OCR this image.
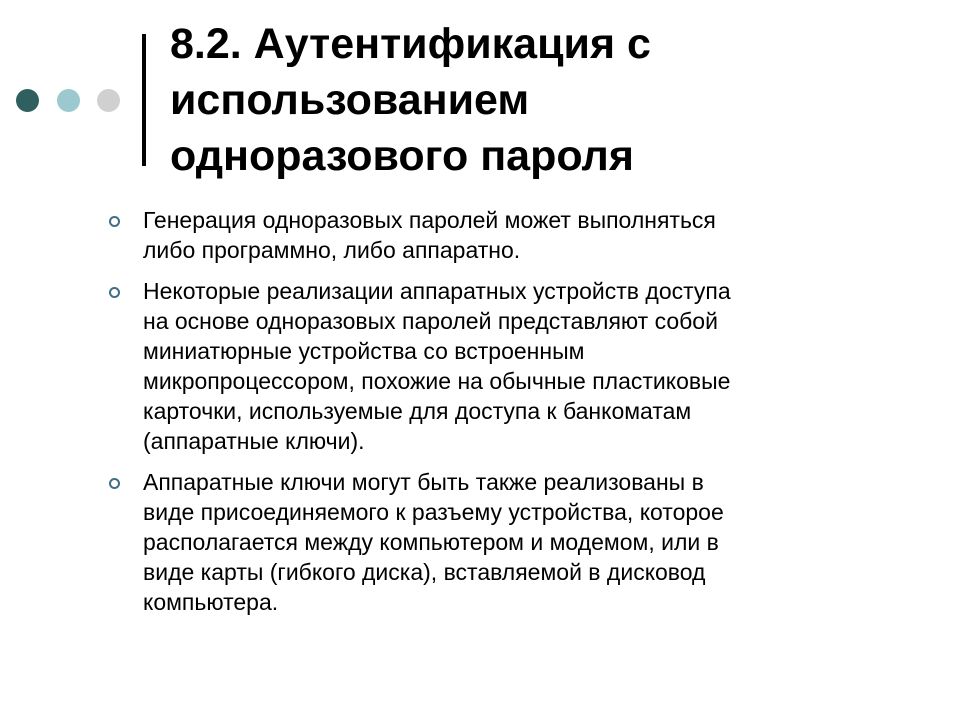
8.2. Аутентификация с
использованием
одноразового пароля
Генерация одноразовых паролей может выполняться
либо программно, либо аппаратно.
Некоторые реализации аппаратных устройств доступа
на основе одноразовых паролей представляют собой
миниатюрные устройства со встроенным
микропроцессором, похожие на обычные пластиковые
карточки, используемые для доступа к банкоматам
(аппаратные ключи).
Аппаратные ключи могут быть также реализованы в
виде присоединяемого к разъему устройства, которое
располагается между компьютером и модемом, или в
виде карты (гибкого диска), вставляемой в дисковод
компьютера.
